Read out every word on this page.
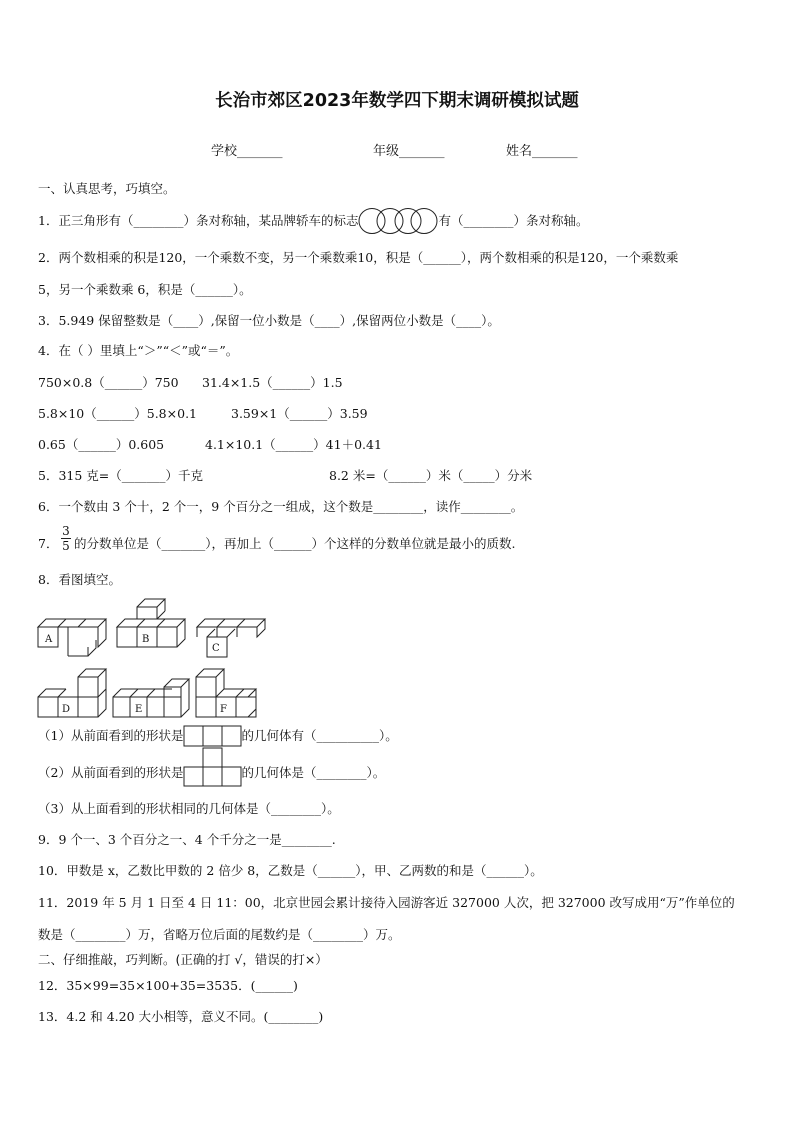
长治市郊区2023年数学四下期末调研模拟试题
学校_______	年级_______	姓名_______
一、认真思考，巧填空。
1．正三角形有（________）条对称轴，某品牌轿车的标志	有（________）条对称轴。
2．两个数相乘的积是120，一个乘数不变，另一个乘数乘10，积是（______），两个数相乘的积是120，一个乘数乘
5，另一个乘数乘 6，积是（______）。
3．5.949 保留整数是（____）,保留一位小数是（____）,保留两位小数是（____）。
4．在（ ）里填上“＞”“＜”或“＝”。
750×0.8（______）750 31.4×1.5（______）1.5
5.8×10（______）5.8×0.1	3.59×1（______）3.59
0.65（______）0.605	4.1×10.1（______）41＋0.41
5．315 克=（_______）千克	8.2 米=（______）米（_____）分米
6．一个数由 3 个十，2 个一，9 个百分之一组成，这个数是________，读作________。
7．
3
5 的分数单位是（_______），再加上（______）个这样的分数单位就是最小的质数.
8．看图填空。
A	B
C
D	E	F
（1）从前面看到的形状是	的几何体有（__________）。
（2）从前面看到的形状是	的几何体是（________）。
（3）从上面看到的形状相同的几何体是（________）。
9．9 个一、3 个百分之一、4 个千分之一是________.
10．甲数是 x，乙数比甲数的 2 倍少 8，乙数是（______），甲、乙两数的和是（______）。
11．2019 年 5 月 1 日至 4 日 11：00，北京世园会累计接待入园游客近 327000 人次，把 327000 改写成用“万”作单位的
数是（________）万，省略万位后面的尾数约是（________）万。
二、仔细推敲，巧判断。(正确的打 √，错误的打×）
12．35×99=35×100+35=3535．(______)
13．4.2 和 4.20 大小相等，意义不同。(________)
